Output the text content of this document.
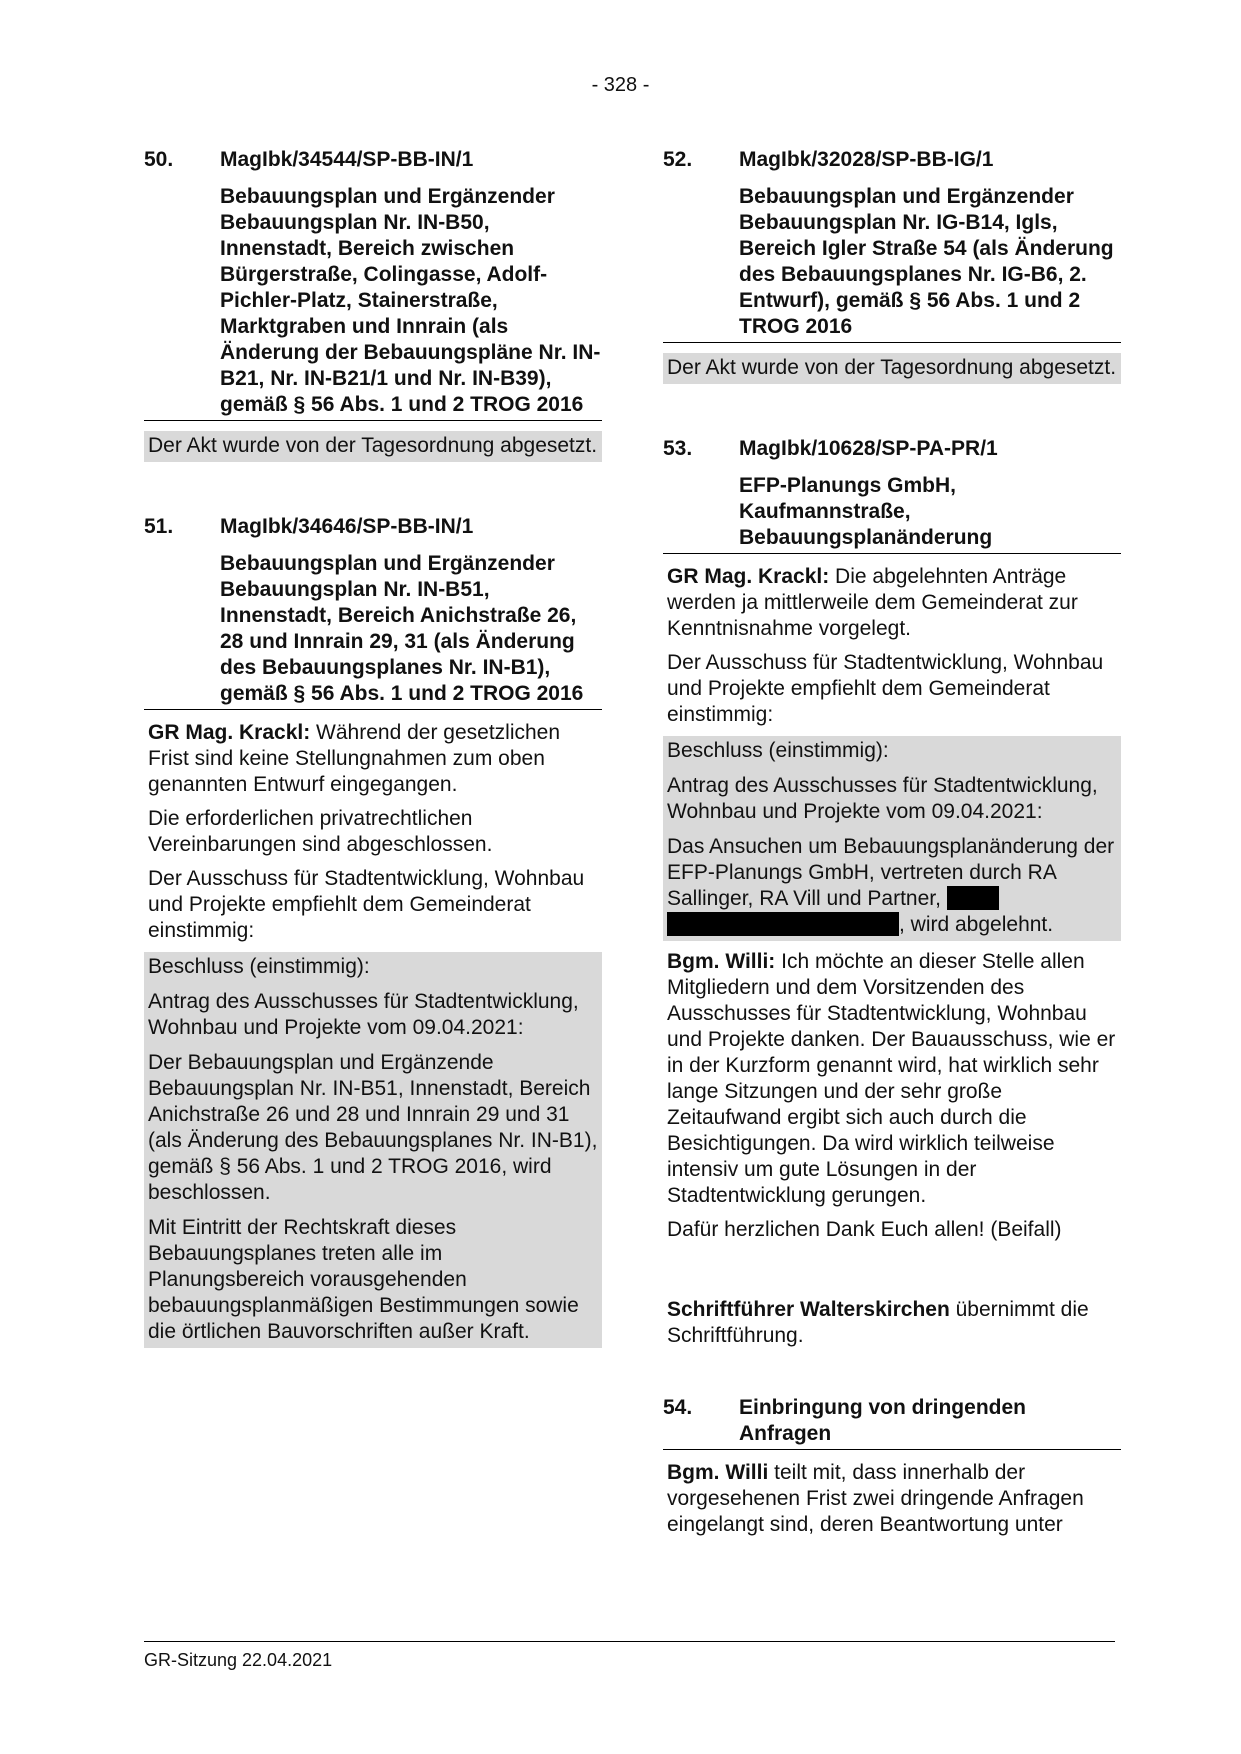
- 328 -
50.	MagIbk/34544/SP-BB-IN/1
Bebauungsplan und Ergänzender Bebauungsplan Nr. IN-B50, Innenstadt, Bereich zwischen Bürgerstraße, Colingasse, Adolf-Pichler-Platz, Stainerstraße, Marktgraben und Innrain (als Änderung der Bebauungspläne Nr. IN-B21, Nr. IN-B21/1 und Nr. IN-B39), gemäß § 56 Abs. 1 und 2 TROG 2016
Der Akt wurde von der Tagesordnung abgesetzt.
51.	MagIbk/34646/SP-BB-IN/1
Bebauungsplan und Ergänzender Bebauungsplan Nr. IN-B51, Innenstadt, Bereich Anichstraße 26, 28 und Innrain 29, 31 (als Änderung des Bebauungsplanes Nr. IN-B1), gemäß § 56 Abs. 1 und 2 TROG 2016
GR Mag. Krackl: Während der gesetzlichen Frist sind keine Stellungnahmen zum oben genannten Entwurf eingegangen.
Die erforderlichen privatrechtlichen Vereinbarungen sind abgeschlossen.
Der Ausschuss für Stadtentwicklung, Wohnbau und Projekte empfiehlt dem Gemeinderat einstimmig:
Beschluss (einstimmig):
Antrag des Ausschusses für Stadtentwicklung, Wohnbau und Projekte vom 09.04.2021:
Der Bebauungsplan und Ergänzende Bebauungsplan Nr. IN-B51, Innenstadt, Bereich Anichstraße 26 und 28 und Innrain 29 und 31 (als Änderung des Bebauungsplanes Nr. IN-B1), gemäß § 56 Abs. 1 und 2 TROG 2016, wird beschlossen.
Mit Eintritt der Rechtskraft dieses Bebauungsplanes treten alle im Planungsbereich vorausgehenden bebauungsplanmäßigen Bestimmungen sowie die örtlichen Bauvorschriften außer Kraft.
52.	MagIbk/32028/SP-BB-IG/1
Bebauungsplan und Ergänzender Bebauungsplan Nr. IG-B14, Igls, Bereich Igler Straße 54 (als Änderung des Bebauungsplanes Nr. IG-B6, 2. Entwurf), gemäß § 56 Abs. 1 und 2 TROG 2016
Der Akt wurde von der Tagesordnung abgesetzt.
53.	MagIbk/10628/SP-PA-PR/1
EFP-Planungs GmbH, Kaufmannstraße, Bebauungsplanänderung
GR Mag. Krackl: Die abgelehnten Anträge werden ja mittlerweile dem Gemeinderat zur Kenntnisnahme vorgelegt.
Der Ausschuss für Stadtentwicklung, Wohnbau und Projekte empfiehlt dem Gemeinderat einstimmig:
Beschluss (einstimmig):
Antrag des Ausschusses für Stadtentwicklung, Wohnbau und Projekte vom 09.04.2021:
Das Ansuchen um Bebauungsplanänderung der EFP-Planungs GmbH, vertreten durch RA Sallinger, RA Vill und Partner,
, wird abgelehnt.
Bgm. Willi: Ich möchte an dieser Stelle allen Mitgliedern und dem Vorsitzenden des Ausschusses für Stadtentwicklung, Wohnbau und Projekte danken. Der Bauausschuss, wie er in der Kurzform genannt wird, hat wirklich sehr lange Sitzungen und der sehr große Zeitaufwand ergibt sich auch durch die Besichtigungen. Da wird wirklich teilweise intensiv um gute Lösungen in der Stadtentwicklung gerungen.
Dafür herzlichen Dank Euch allen! (Beifall)
Schriftführer Walterskirchen übernimmt die Schriftführung.
54.	Einbringung von dringenden Anfragen
Bgm. Willi teilt mit, dass innerhalb der vorgesehenen Frist zwei dringende Anfragen eingelangt sind, deren Beantwortung unter
GR-Sitzung 22.04.2021
